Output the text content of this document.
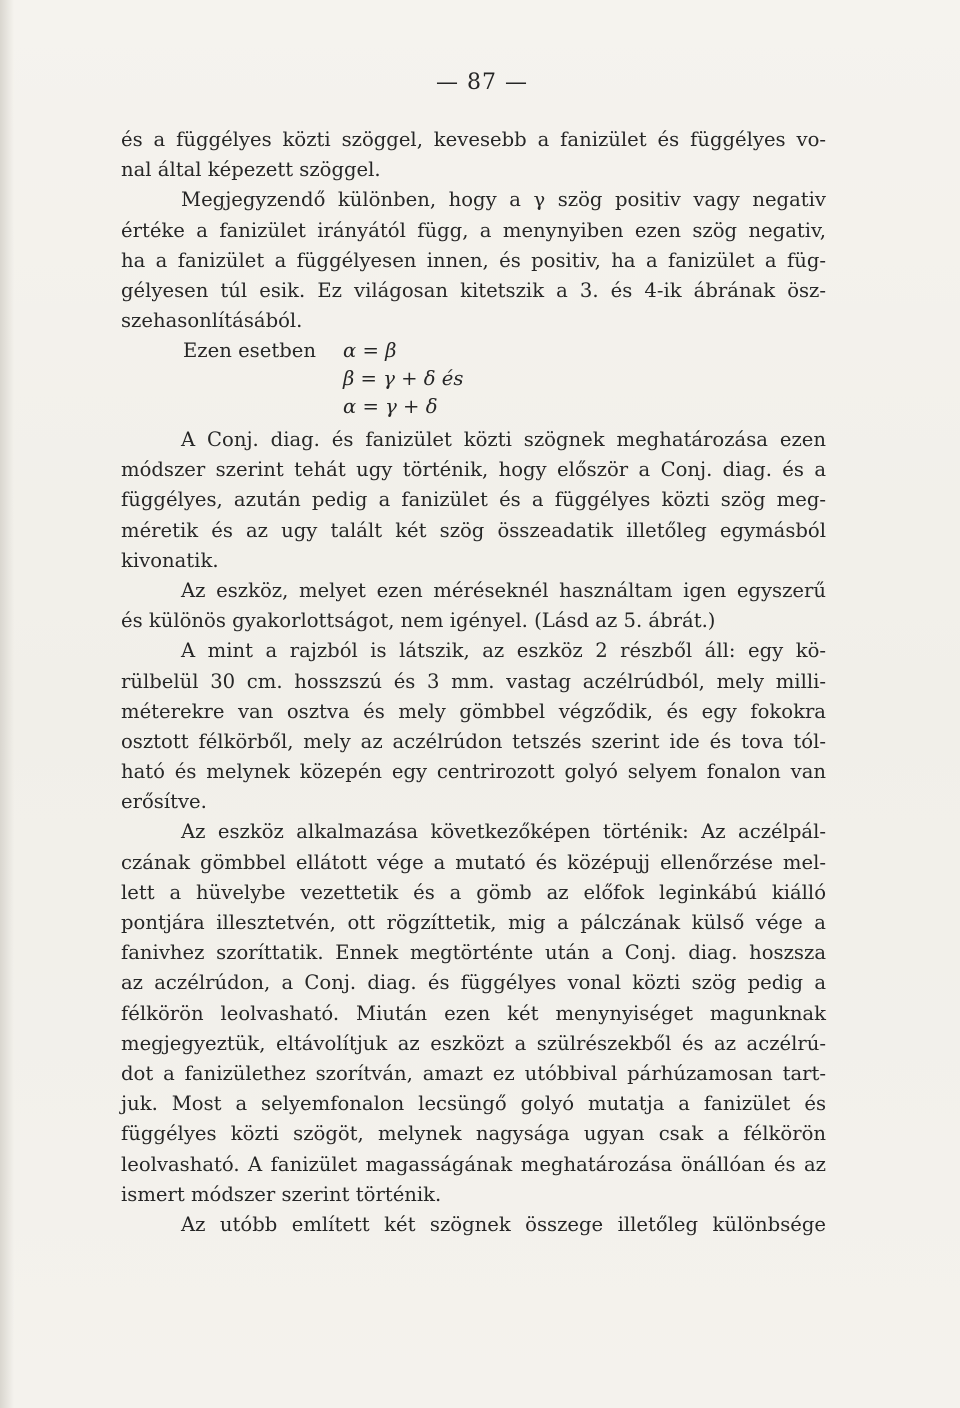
— 87 —
és a függélyes közti szöggel, kevesebb a fanizület és függélyes vo-
nal által képezett szöggel.
Megjegyzendő különben, hogy a γ szög positiv vagy negativ
értéke a fanizület irányától függ, a menynyiben ezen szög negativ,
ha a fanizület a függélyesen innen, és positiv, ha a fanizület a füg-
gélyesen túl esik. Ez világosan kitetszik a 3. és 4-ik ábrának ösz-
szehasonlításából.
Ezen esetben α = β
β = γ + δ és
α = γ + δ
A Conj. diag. és fanizület közti szögnek meghatározása ezen
módszer szerint tehát ugy történik, hogy először a Conj. diag. és a
függélyes, azután pedig a fanizület és a függélyes közti szög meg-
méretik és az ugy talált két szög összeadatik illetőleg egymásból
kivonatik.
Az eszköz, melyet ezen méréseknél használtam igen egyszerű
és különös gyakorlottságot, nem igényel. (Lásd az 5. ábrát.)
A mint a rajzból is látszik, az eszköz 2 részből áll: egy kö-
rülbelül 30 cm. hosszszú és 3 mm. vastag aczélrúdból, mely milli-
méterekre van osztva és mely gömbbel végződik, és egy fokokra
osztott félkörből, mely az aczélrúdon tetszés szerint ide és tova tól-
ható és melynek közepén egy centrirozott golyó selyem fonalon van
erősítve.
Az eszköz alkalmazása következőképen történik: Az aczélpál-
czának gömbbel ellátott vége a mutató és középujj ellenőrzése mel-
lett a hüvelybe vezettetik és a gömb az előfok leginkábú kiálló
pontjára illesztetvén, ott rögzíttetik, mig a pálczának külső vége a
fanivhez szoríttatik. Ennek megtörténte után a Conj. diag. hoszsza
az aczélrúdon, a Conj. diag. és függélyes vonal közti szög pedig a
félkörön leolvasható. Miután ezen két menynyiséget magunknak
megjegyeztük, eltávolítjuk az eszközt a szülrészekből és az aczélrú-
dot a fanizülethez szorítván, amazt ez utóbbival párhúzamosan tart-
juk. Most a selyemfonalon lecsüngő golyó mutatja a fanizület és
függélyes közti szögöt, melynek nagysága ugyan csak a félkörön
leolvasható. A fanizület magasságának meghatározása önállóan és az
ismert módszer szerint történik.
Az utóbb említett két szögnek összege illetőleg különbsége
